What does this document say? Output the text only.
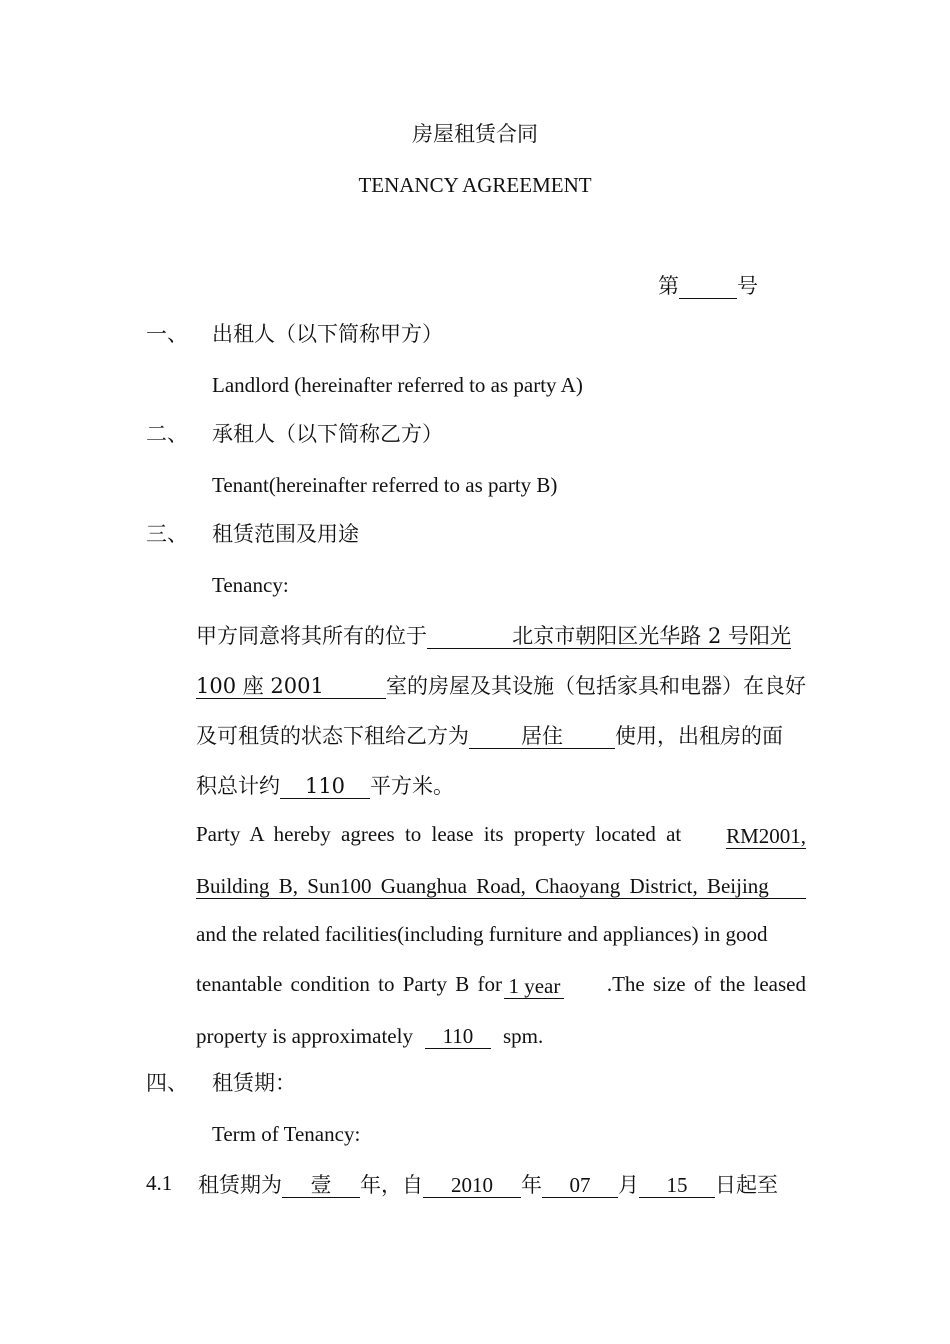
房屋租赁合同
TENANCY AGREEMENT
第	号
一、 出租人（以下简称甲方）
Landlord (hereinafter referred to as party A)
二、 承租人（以下简称乙方）
Tenant(hereinafter referred to as party B)
三、 租赁范围及用途
Tenancy:
甲方同意将其所有的位于	北京市朝阳区光华路 2 号阳光
100 座 2001	室的房屋及其设施（包括家具和电器）在良好
及可租赁的状态下租给乙方为 居住 使用，出租房的面
积总计约 110 平方米。
Party A hereby agrees to lease its property located at RM2001,
Building B, Sun100 Guanghua Road, Chaoyang District, Beijing
and the related facilities(including furniture and appliances) in good
tenantable condition to Party B for 1 year .The size of the leased
property is approximately 110 spm.
四、 租赁期：
Term of Tenancy:
4.1 租赁期为 壹 年，自 2010 年 07 月 15 日起至
